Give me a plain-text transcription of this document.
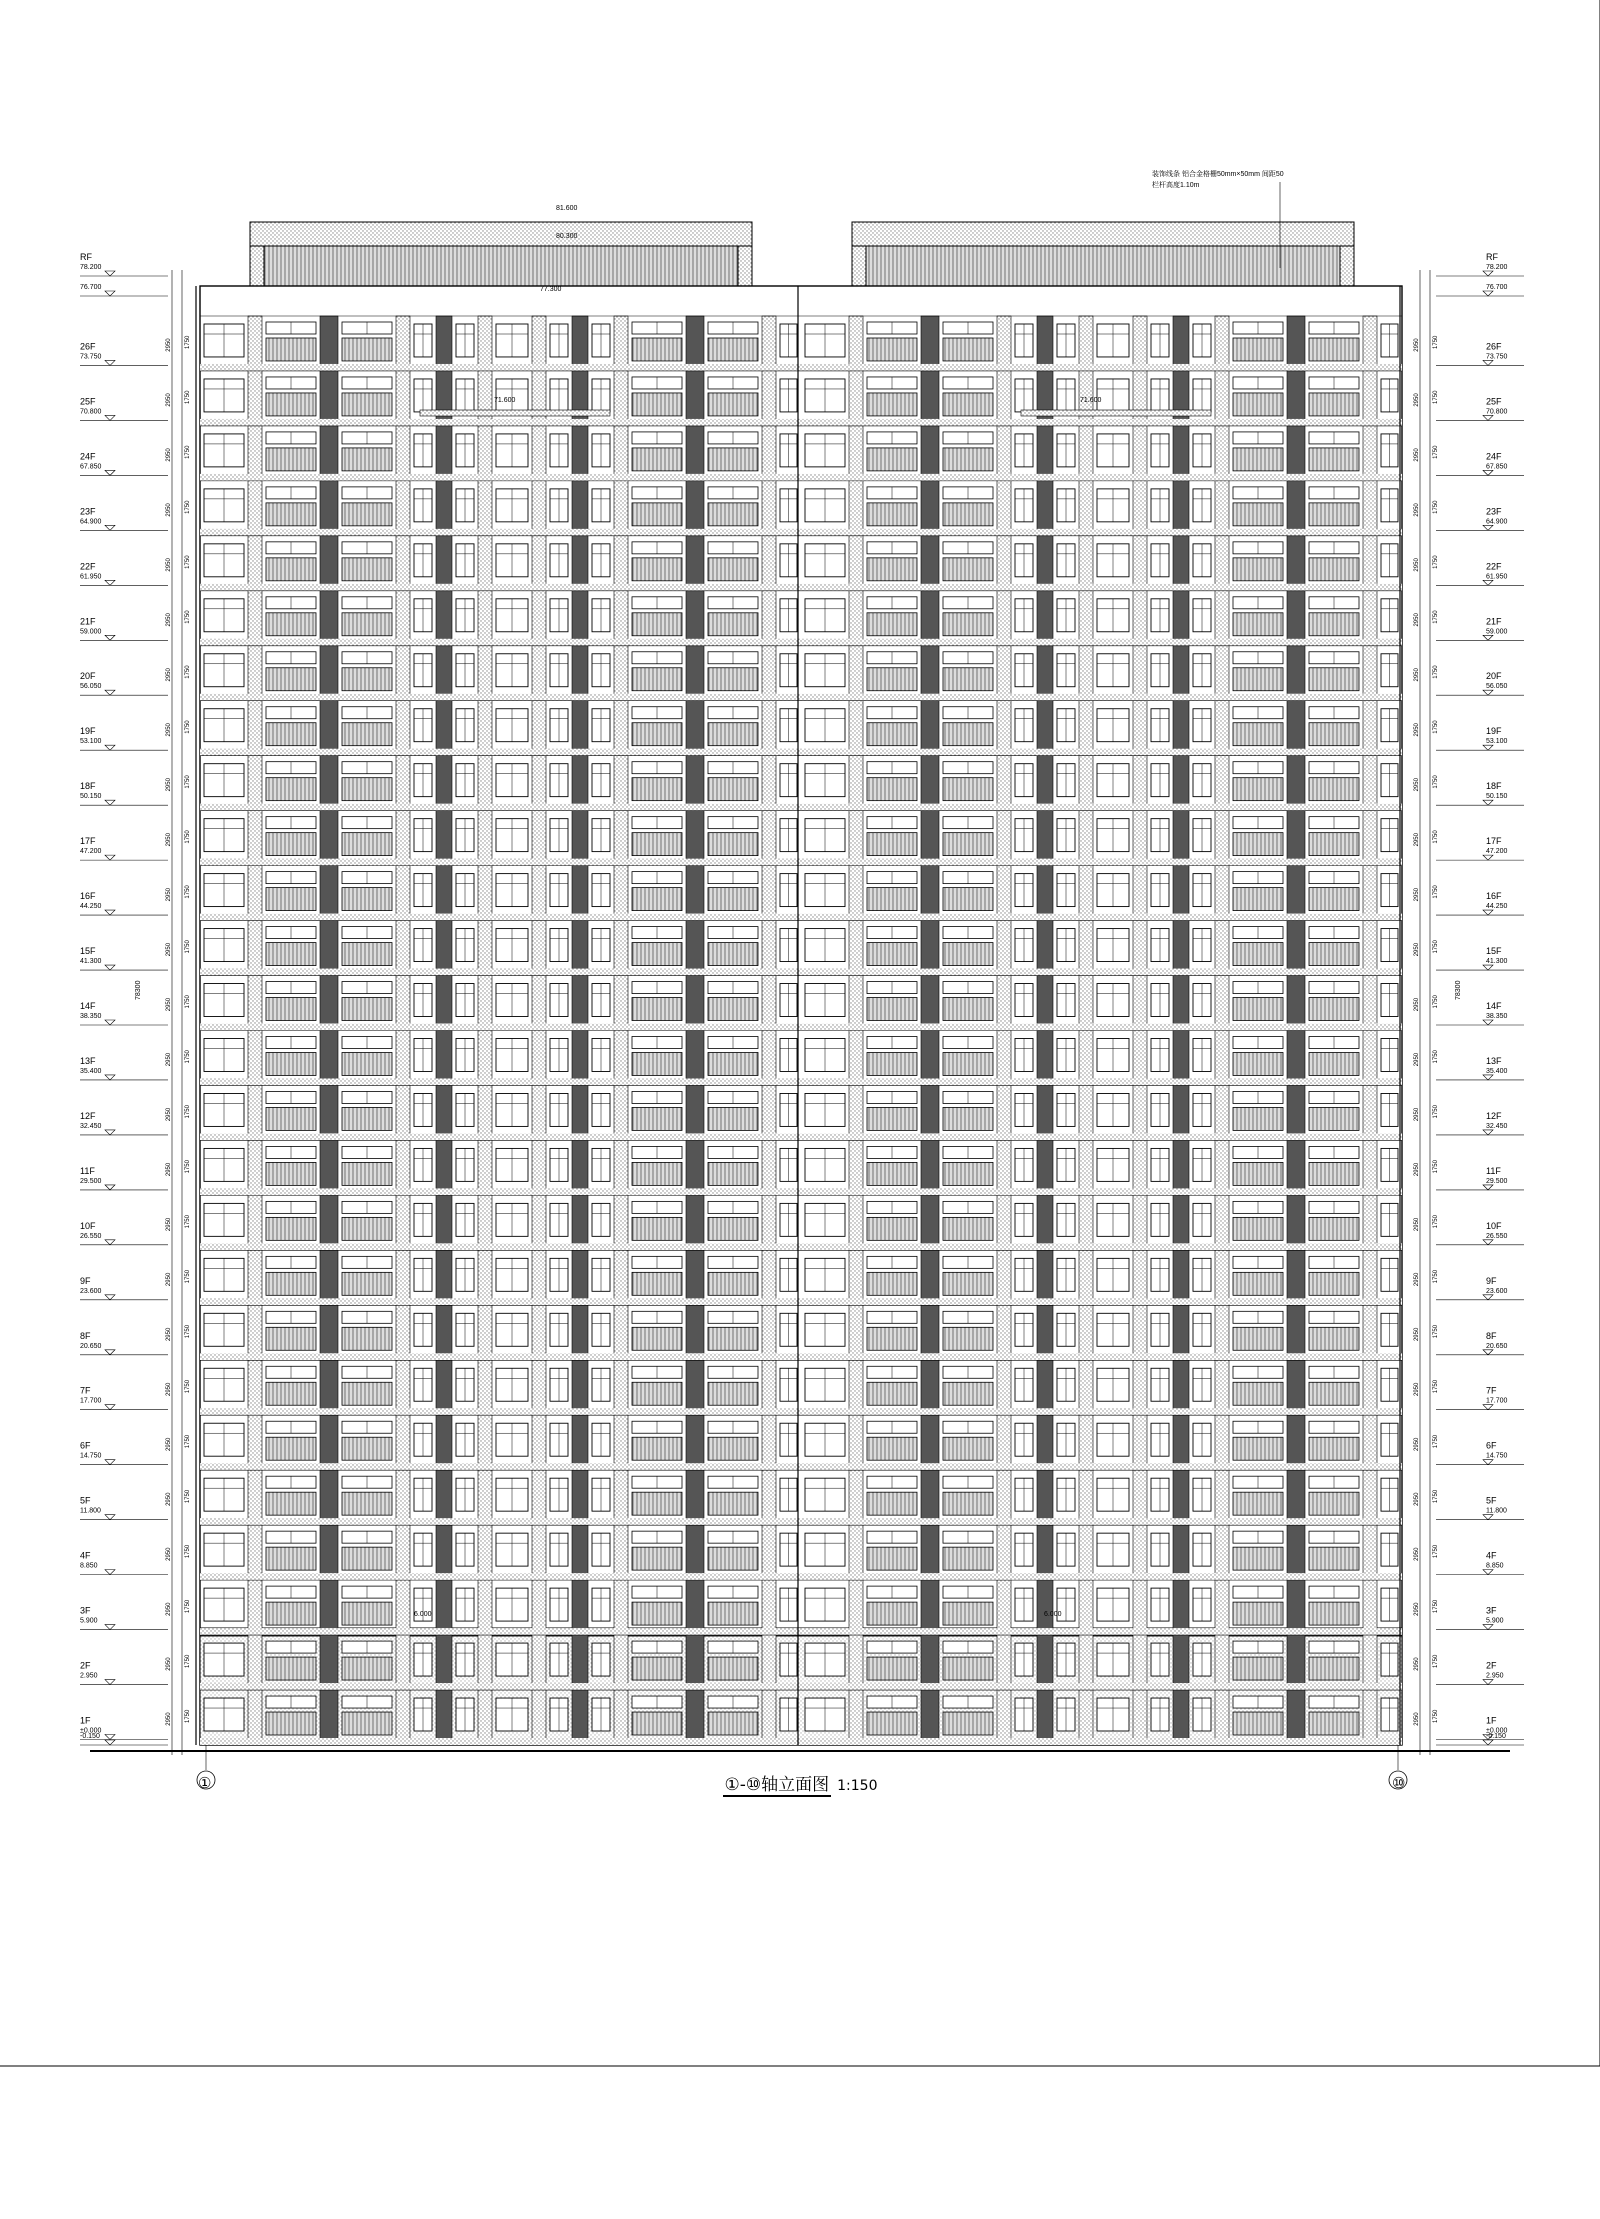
RF
78.200
RF
78.200
76.700	76.700
26F
73.750
26F
73.750
25F
70.800
25F
70.800
24F
67.850
24F
67.850
23F
64.900
23F
64.900
22F
61.950
22F
61.950
21F
59.000
21F
59.000
20F
56.050
20F
56.050
19F
53.100
19F
53.100
18F
50.150
18F
50.150
17F
47.200
17F
47.200
16F
44.250
16F
44.250
15F
41.300
15F
41.300
14F
38.350
14F
38.350
13F
35.400
13F
35.400
12F
32.450
12F
32.450
11F
29.500
11F
29.500
10F
26.550
10F
26.550
9F
23.600
9F
23.600
8F
20.650
8F
20.650
7F
17.700
7F
17.700
6F
14.750
6F
14.750
5F
11.800
5F
11.800
4F
8.850
4F
8.850
3F
5.900
3F
5.900
2F
2.950
2F
2.950
1F
±0.000
1F
±0.000
-0.150	-0.150
2950 1750
2950 1750
2950 1750
2950 1750
2950 1750
2950 1750
2950 1750
2950 1750
2950 1750
2950 1750
2950 1750
2950 1750
2950 1750
2950 1750
2950 1750
2950 1750
2950 1750
2950 1750
2950 1750
2950 1750
2950 1750
2950 1750
2950 1750
2950 1750
2950 1750
2950 1750
2950 1750
2950 1750
2950 1750
2950 1750
2950 1750
2950 1750
2950 1750
2950 1750
2950 1750
2950 1750
2950 1750
2950 1750
2950 1750
2950 1750
2950 1750
2950 1750
2950 1750
2950 1750
2950 1750
2950 1750
2950 1750
2950 1750
2950 1750
2950 1750
2950 1750
2950 1750
装饰线条 铝合金格栅50mm×50mm 间距50
栏杆高度1.10m
81.600
80.300
77.300
71.600	71.600
6.000	6.000
78300	78300
①	⑩
①-⑩轴立面图 1:150
